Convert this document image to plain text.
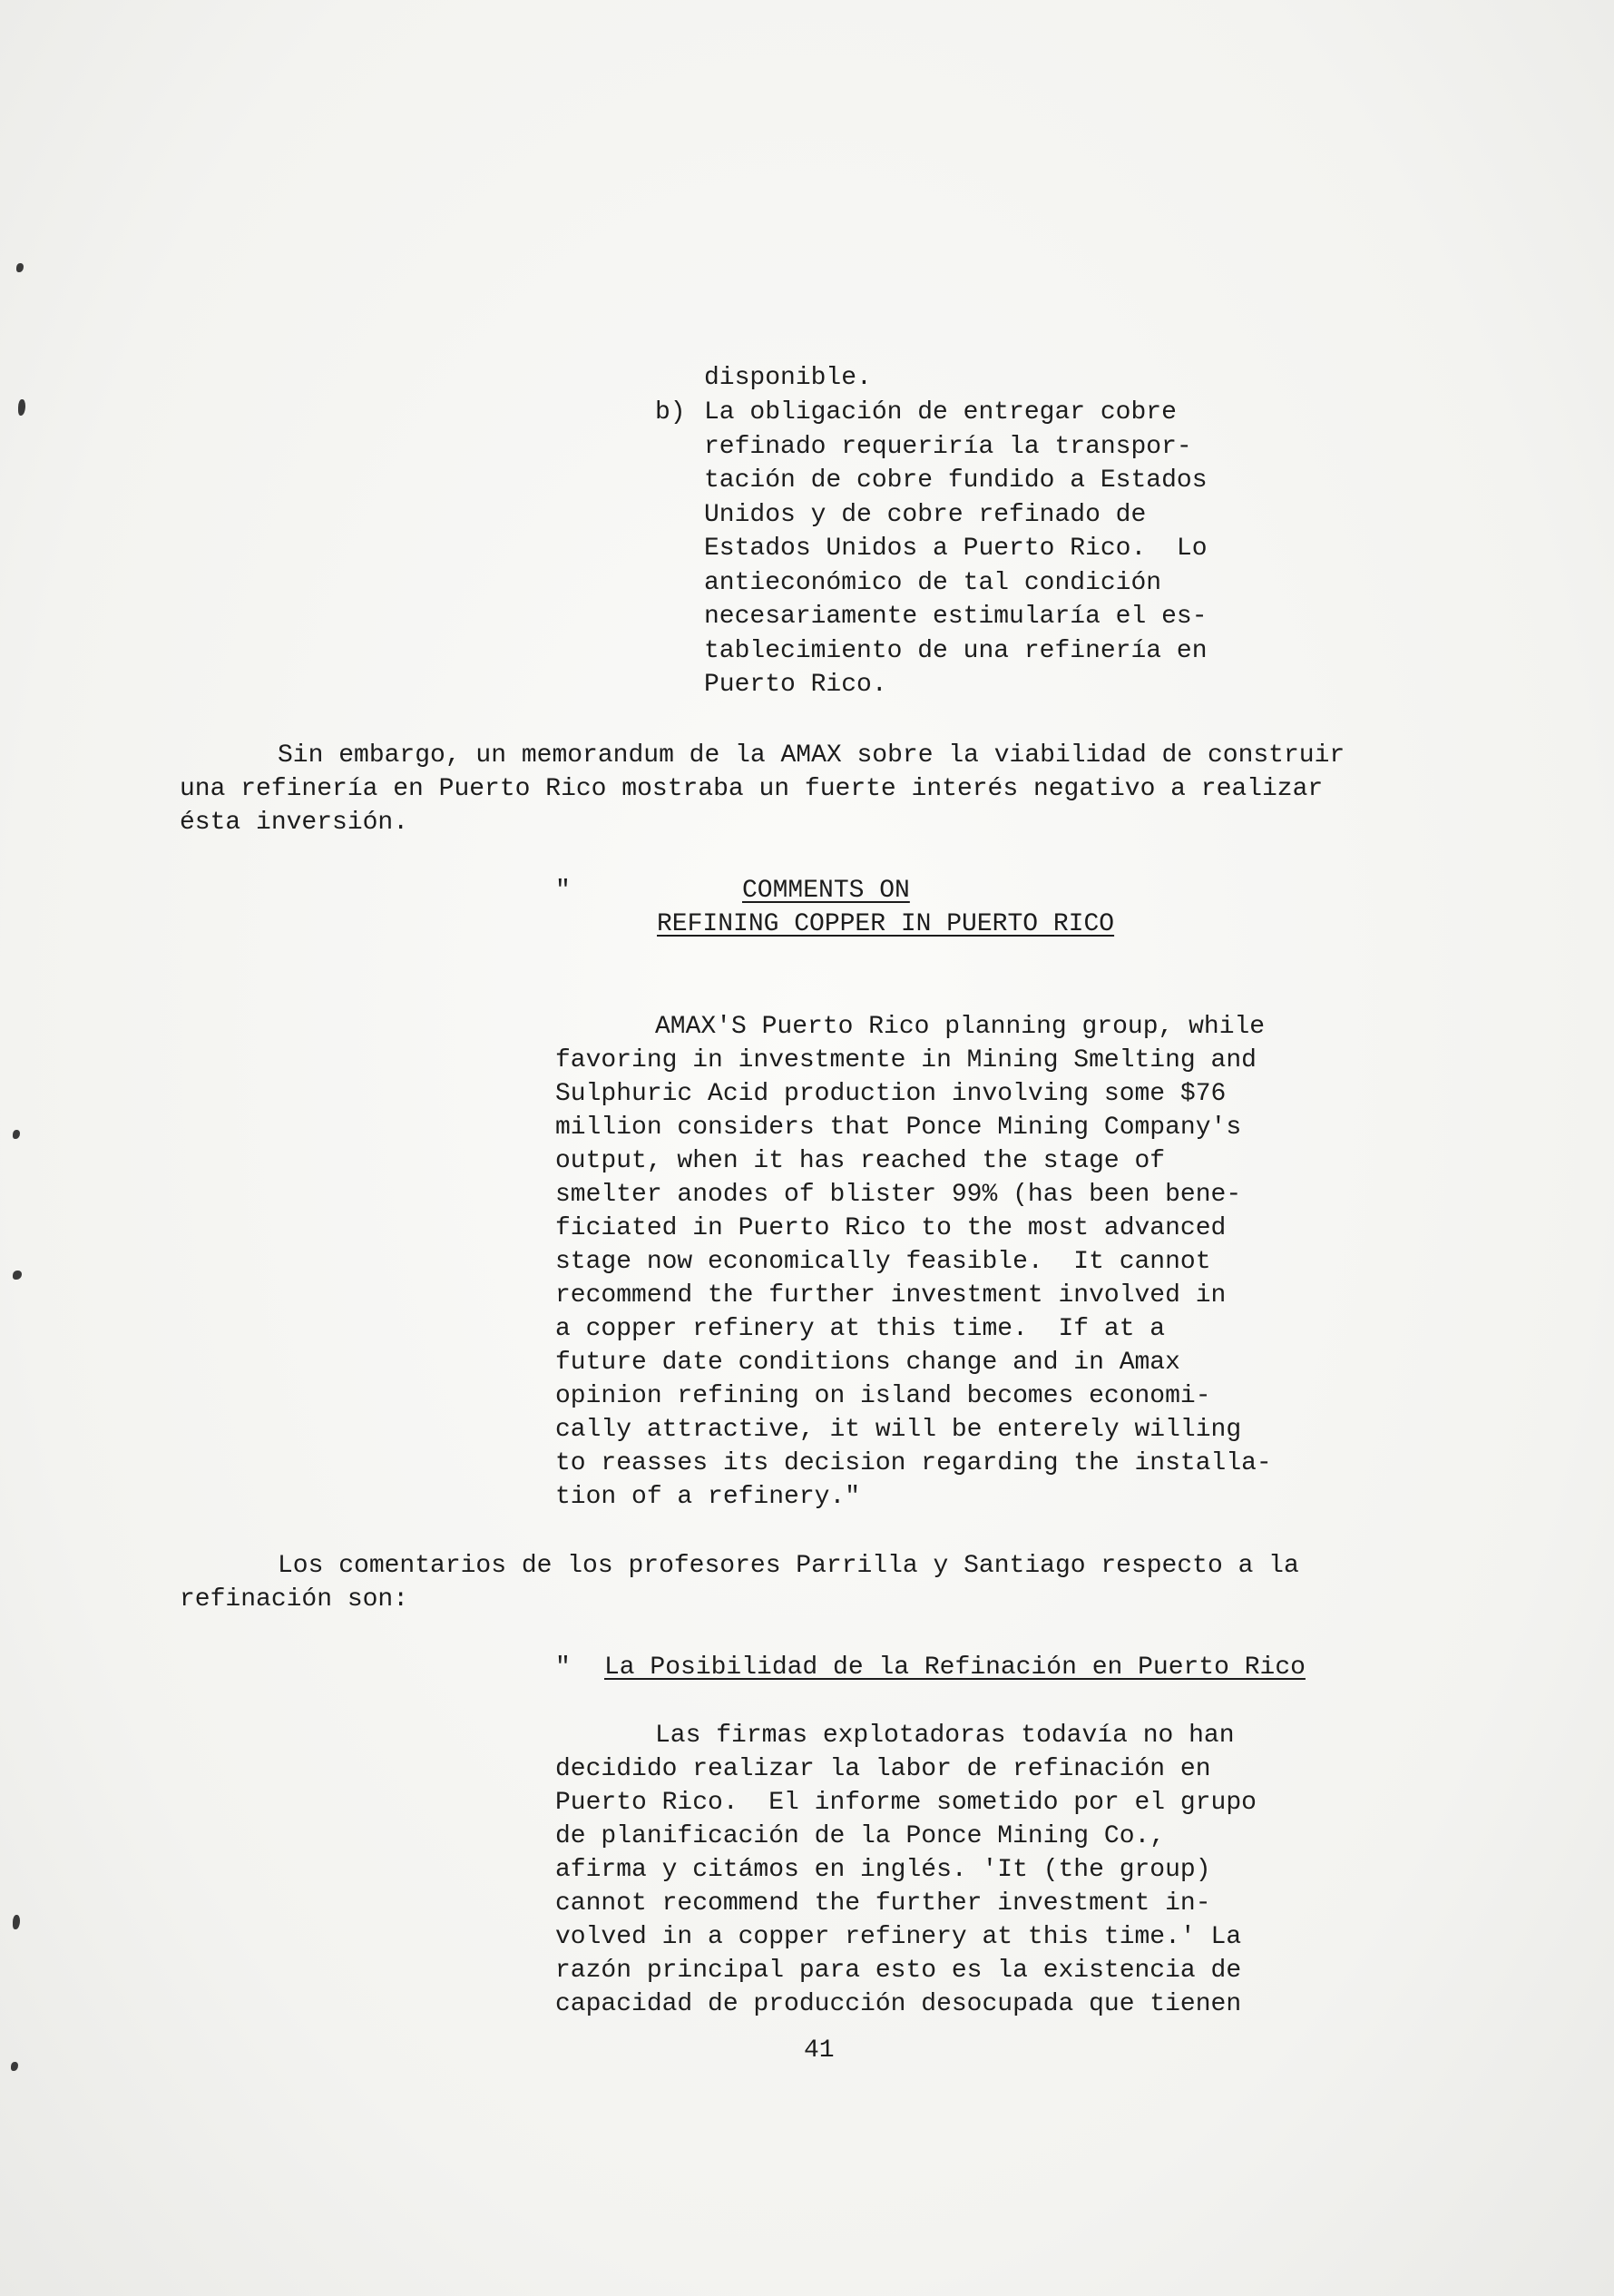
disponible.
b) La obligación de entregar cobre
refinado requeriría la transpor-
tación de cobre fundido a Estados
Unidos y de cobre refinado de
Estados Unidos a Puerto Rico.  Lo
antieconómico de tal condición
necesariamente estimularía el es-
tablecimiento de una refinería en
Puerto Rico.
Sin embargo, un memorandum de la AMAX sobre la viabilidad de construir
una refinería en Puerto Rico mostraba un fuerte interés negativo a realizar
ésta inversión.
"	COMMENTS ON
REFINING COPPER IN PUERTO RICO
AMAX'S Puerto Rico planning group, while
favoring in investmente in Mining Smelting and
Sulphuric Acid production involving some $76
million considers that Ponce Mining Company's
output, when it has reached the stage of
smelter anodes of blister 99% (has been bene-
ficiated in Puerto Rico to the most advanced
stage now economically feasible.  It cannot
recommend the further investment involved in
a copper refinery at this time.  If at a
future date conditions change and in Amax
opinion refining on island becomes economi-
cally attractive, it will be enterely willing
to reasses its decision regarding the installa-
tion of a refinery."
Los comentarios de los profesores Parrilla y Santiago respecto a la
refinación son:
" La Posibilidad de la Refinación en Puerto Rico
Las firmas explotadoras todavía no han
decidido realizar la labor de refinación en
Puerto Rico.  El informe sometido por el grupo
de planificación de la Ponce Mining Co.,
afirma y citámos en inglés. 'It (the group)
cannot recommend the further investment in-
volved in a copper refinery at this time.' La
razón principal para esto es la existencia de
capacidad de producción desocupada que tienen
41
